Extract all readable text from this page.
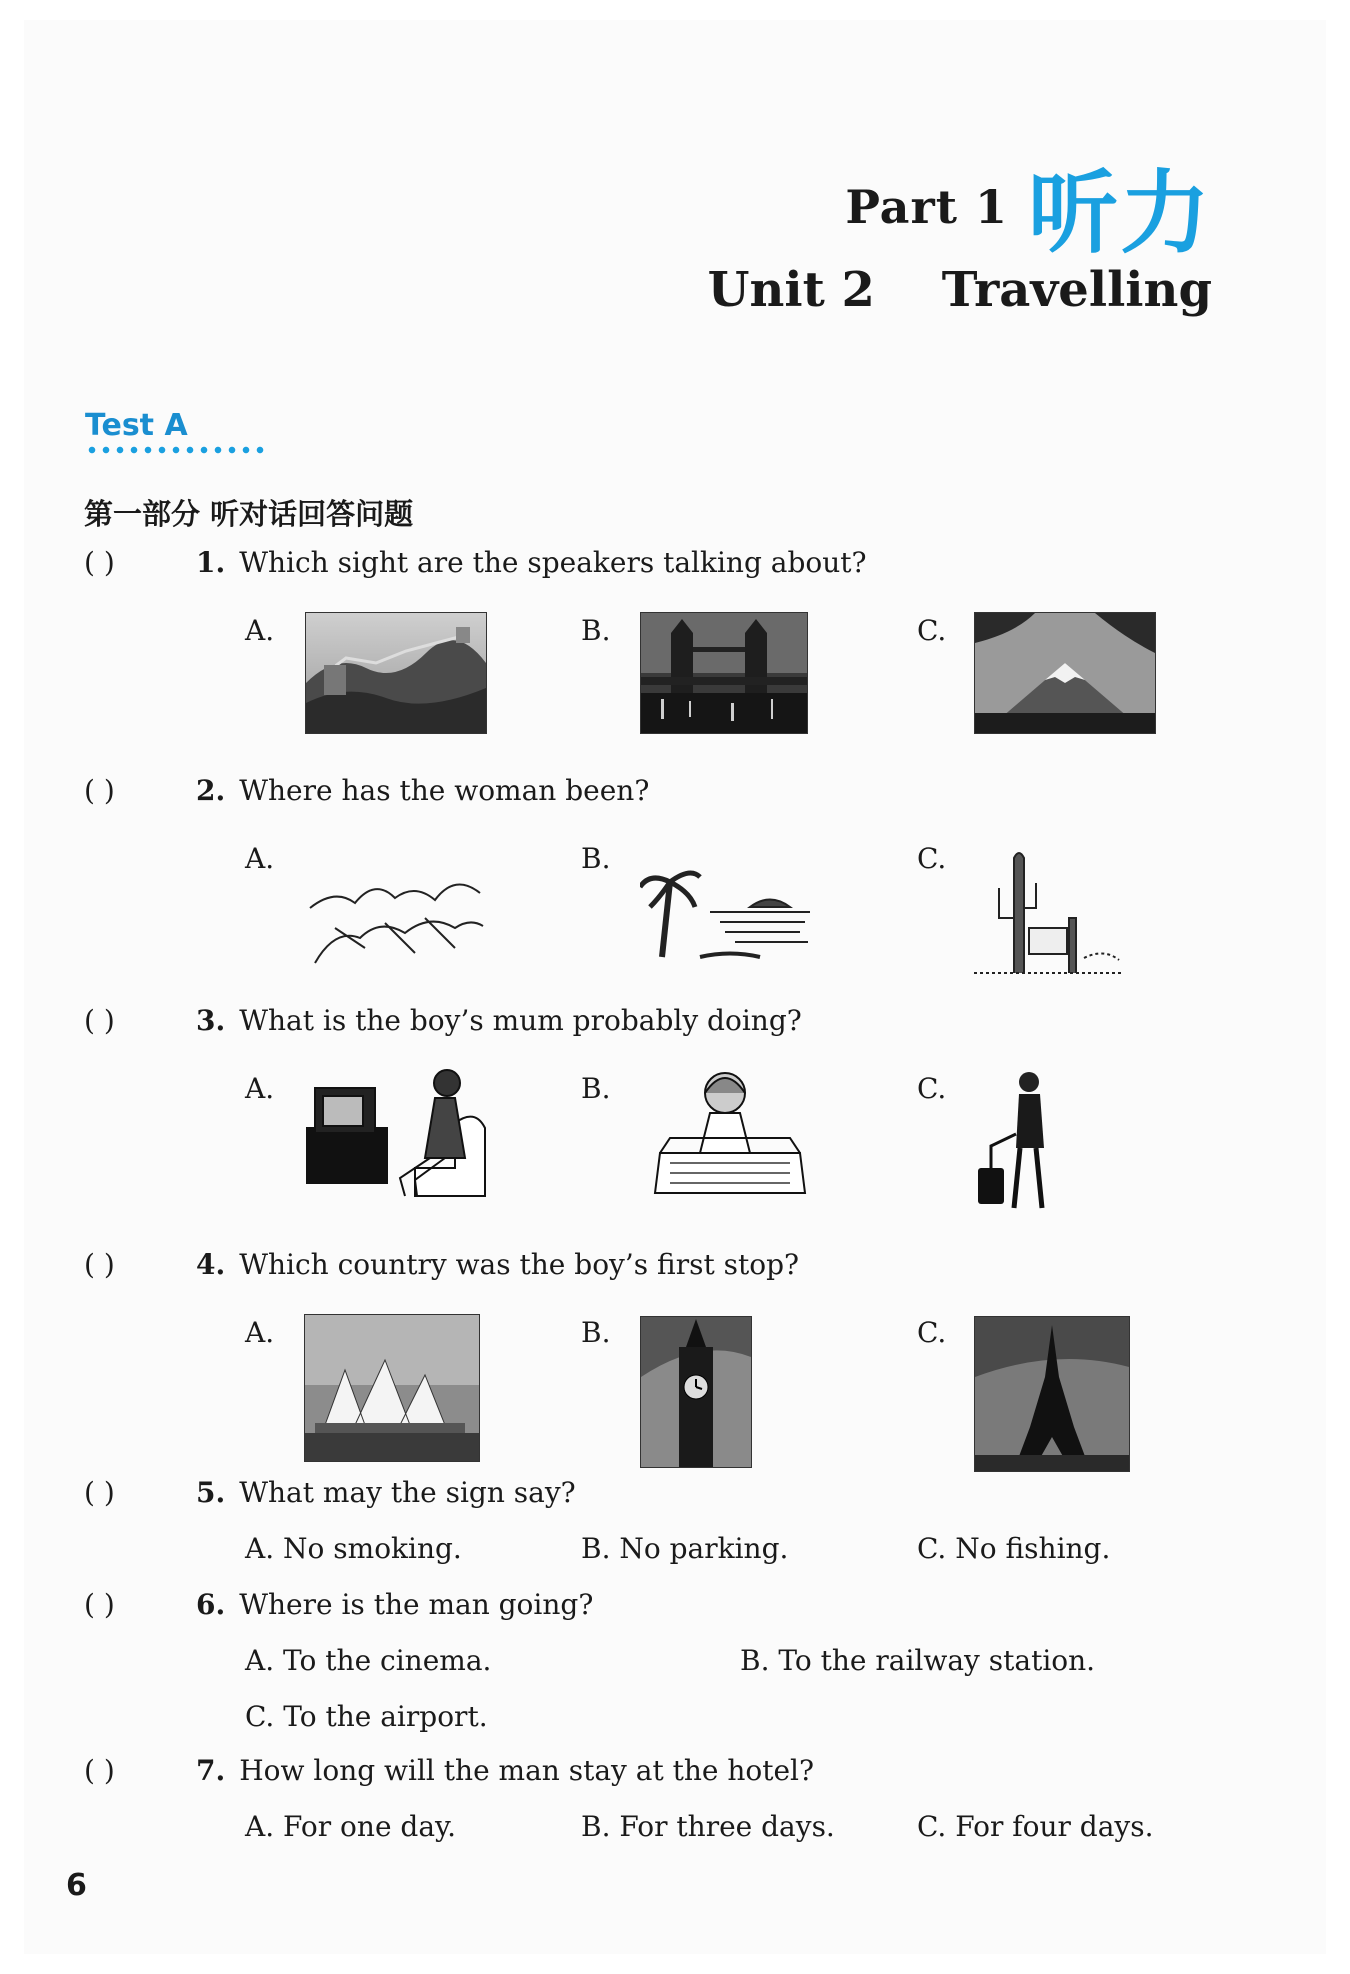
Part 1 听力
Unit 2    Travelling
Test A
第一部分 听对话回答问题
( )	1. Which sight are the speakers talking about?
A.	B.	C.
( )	2. Where has the woman been?
A.	B.	C.
( )	3. What is the boy’s mum probably doing?
A.	B.	C.
( )	4. Which country was the boy’s first stop?
A.	B.	C.
( )	5. What may the sign say?
A. No smoking.	B. No parking.	C. No fishing.
( )	6. Where is the man going?
A. To the cinema.	B. To the railway station.
C. To the airport.
( )	7. How long will the man stay at the hotel?
A. For one day.	B. For three days.	C. For four days.
6
